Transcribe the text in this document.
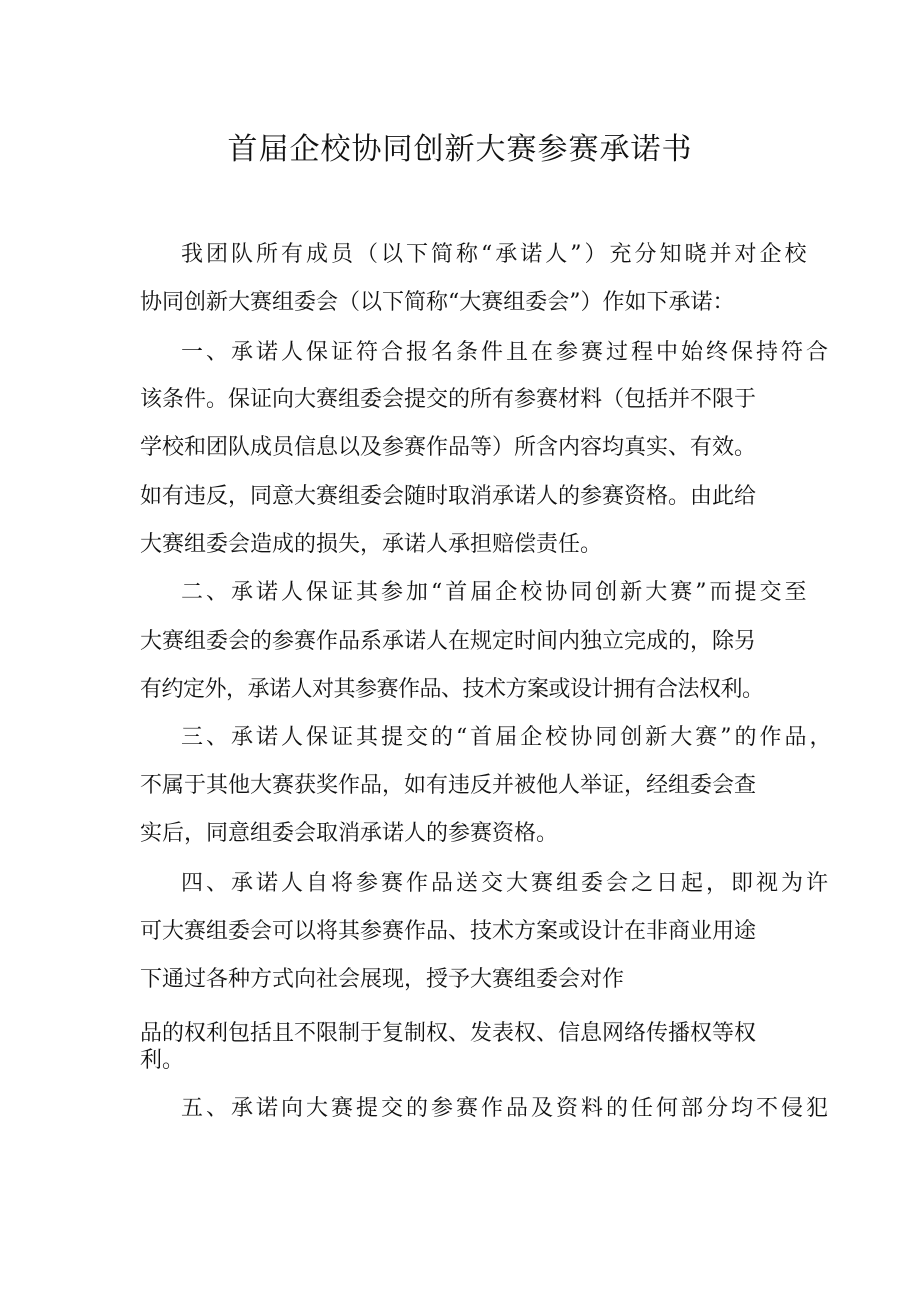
首届企校协同创新大赛参赛承诺书
我团队所有成员（以下简称“承诺人”）充分知晓并对企校
协同创新大赛组委会（以下简称“大赛组委会”）作如下承诺：
一、承诺人保证符合报名条件且在参赛过程中始终保持符合
该条件。保证向大赛组委会提交的所有参赛材料（包括并不限于
学校和团队成员信息以及参赛作品等）所含内容均真实、有效。
如有违反，同意大赛组委会随时取消承诺人的参赛资格。由此给
大赛组委会造成的损失，承诺人承担赔偿责任。
二、承诺人保证其参加“首届企校协同创新大赛”而提交至
大赛组委会的参赛作品系承诺人在规定时间内独立完成的，除另
有约定外，承诺人对其参赛作品、技术方案或设计拥有合法权利。
三、承诺人保证其提交的“首届企校协同创新大赛”的作品，
不属于其他大赛获奖作品，如有违反并被他人举证，经组委会查
实后，同意组委会取消承诺人的参赛资格。
四、承诺人自将参赛作品送交大赛组委会之日起，即视为许
可大赛组委会可以将其参赛作品、技术方案或设计在非商业用途
下通过各种方式向社会展现，授予大赛组委会对作
品的权利包括且不限制于复制权、发表权、信息网络传播权等权
利。
五、承诺向大赛提交的参赛作品及资料的任何部分均不侵犯
